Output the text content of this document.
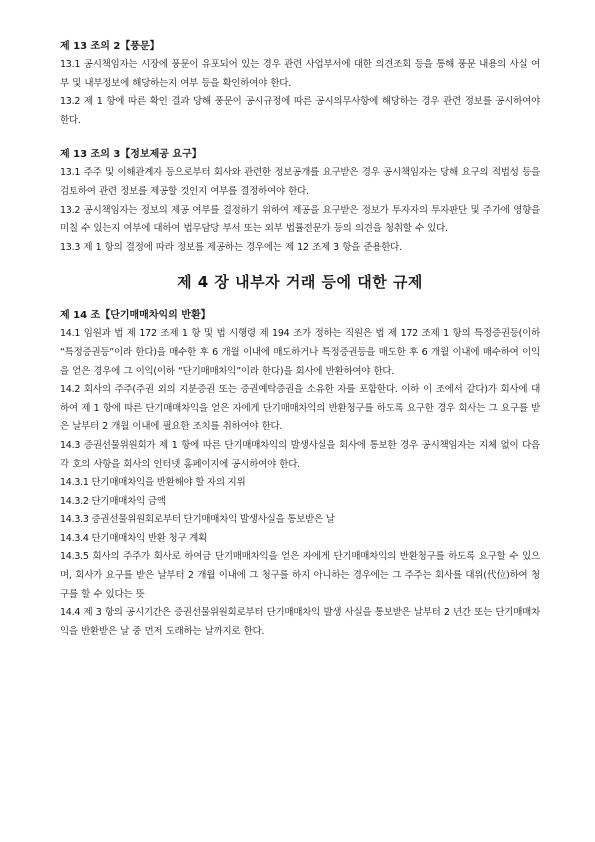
제 13 조의 2【풍문】

13.1 공시책임자는 시장에 풍문이 유포되어 있는 경우 관련 사업부서에 대한 의견조회 등을 통해 풍문 내용의 사실 여부 및 내부정보에 해당하는지 여부 등을 확인하여야 한다.

13.2 제 1 항에 따른 확인 결과 당해 풍문이 공시규정에 따른 공시의무사항에 해당하는 경우 관련 정보를 공시하여야 한다.

제 13 조의 3【정보제공 요구】

13.1 주주 및 이해관계자 등으로부터 회사와 관련한 정보공개를 요구받은 경우 공시책임자는 당해 요구의 적법성 등을 검토하여 관련 정보를 제공할 것인지 여부를 결정하여야 한다.

13.2 공시책임자는 정보의 제공 여부를 결정하기 위하여 제공을 요구받은 정보가 투자자의 투자판단 및 주가에 영향을 미칠 수 있는지 여부에 대하여 법무담당 부서 또는 외부 법률전문가 등의 의견을 청취할 수 있다.

13.3 제 1 항의 결정에 따라 정보를 제공하는 경우에는 제 12 조제 3 항을 준용한다.

제 4 장 내부자 거래 등에 대한 규제

제 14 조【단기매매차익의 반환】

14.1 임원과 법 제 172 조제 1 항 및 법 시행령 제 194 조가 정하는 직원은 법 제 172 조제 1 항의 특정증권등(이하 “특정증권등”이라 한다)을 매수한 후 6 개월 이내에 매도하거나 특정증권등을 매도한 후 6 개월 이내에 매수하여 이익을 얻은 경우에 그 이익(이하 “단기매매차익”이라 한다)을 회사에 반환하여야 한다.

14.2 회사의 주주(주권 외의 지분증권 또는 증권예탁증권을 소유한 자를 포함한다. 이하 이 조에서 같다)가 회사에 대하여 제 1 항에 따른 단기매매차익을 얻은 자에게 단기매매차익의 반환청구를 하도록 요구한 경우 회사는 그 요구를 받은 날부터 2 개월 이내에 필요한 조치를 취하여야 한다.

14.3 증권선물위원회가 제 1 항에 따른 단기매매차익의 발생사실을 회사에 통보한 경우 공시책임자는 지체 없이 다음 각 호의 사항을 회사의 인터넷 홈페이지에 공시하여야 한다.

14.3.1 단기매매차익을 반환해야 할 자의 지위

14.3.2 단기매매차익 금액

14.3.3 증권선물위원회로부터 단기매매차익 발생사실을 통보받은 날

14.3.4 단기매매차익 반환 청구 계획

14.3.5 회사의 주주가 회사로 하여금 단기매매차익을 얻은 자에게 단기매매차익의 반환청구를 하도록 요구할 수 있으며, 회사가 요구를 받은 날부터 2 개월 이내에 그 청구를 하지 아니하는 경우에는 그 주주는 회사를 대위(代位)하여 청구를 할 수 있다는 뜻

14.4 제 3 항의 공시기간은 증권선물위원회로부터 단기매매차익 발생 사실을 통보받은 날부터 2 년간 또는 단기매매차익을 반환받은 날 중 먼저 도래하는 날까지로 한다.
